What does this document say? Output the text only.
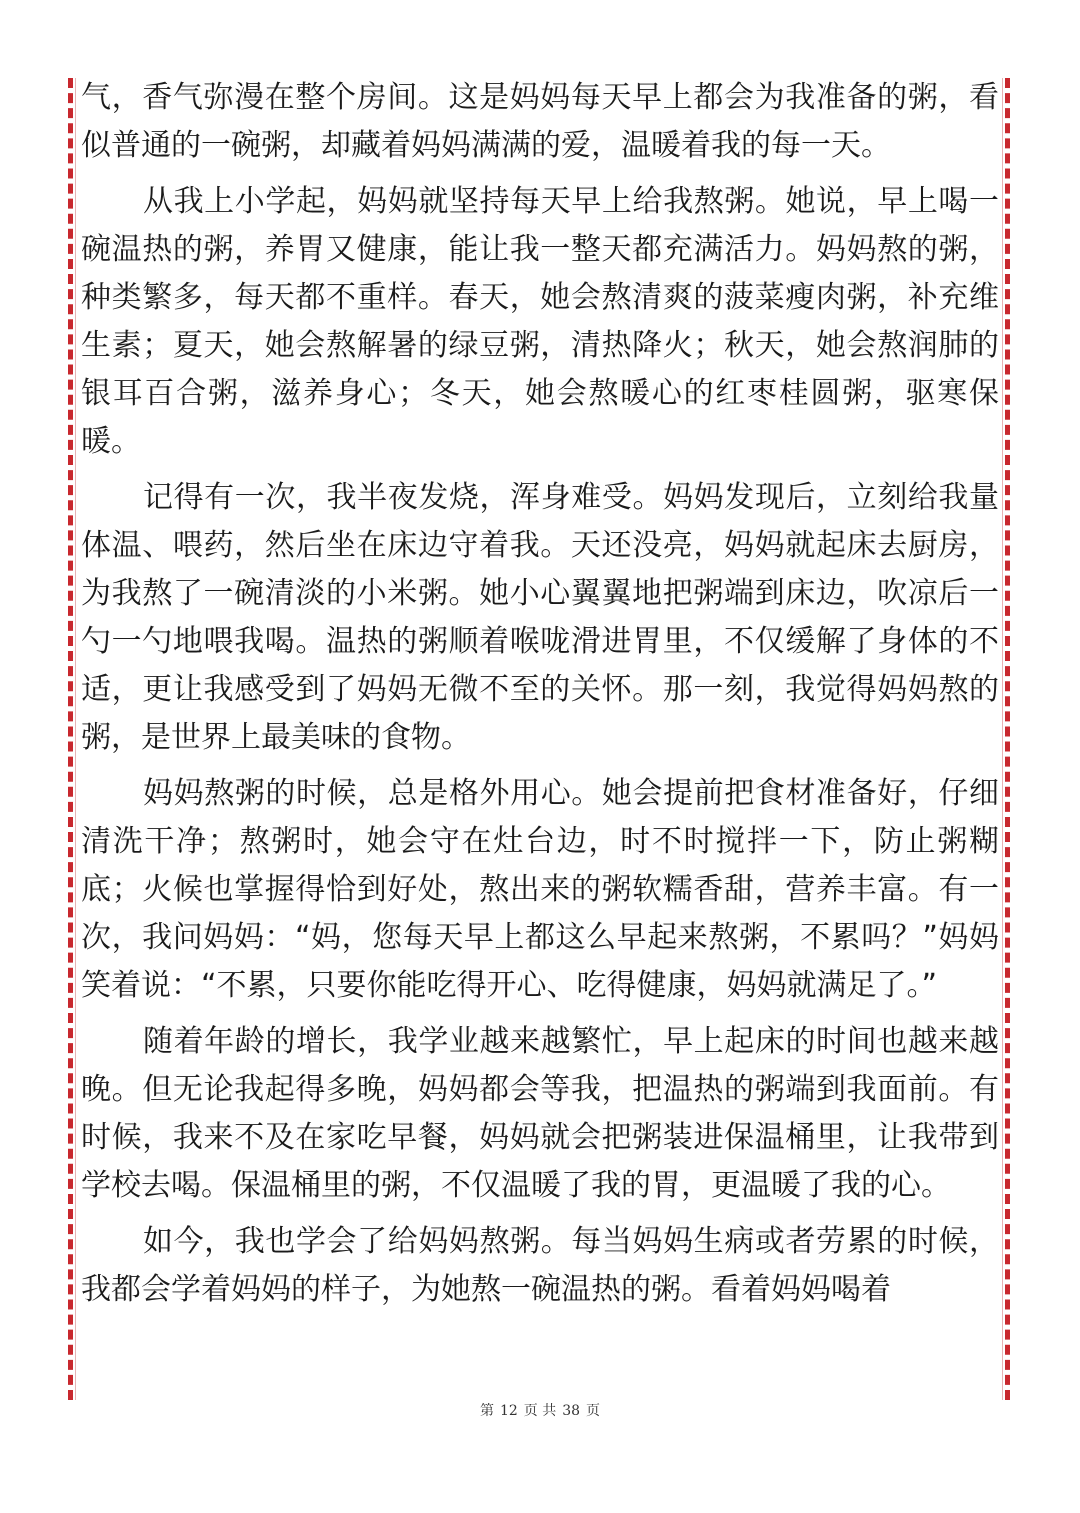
气，香气弥漫在整个房间。这是妈妈每天早上都会为我准备的粥，看似普通的一碗粥，却藏着妈妈满满的爱，温暖着我的每一天。

从我上小学起，妈妈就坚持每天早上给我熬粥。她说，早上喝一碗温热的粥，养胃又健康，能让我一整天都充满活力。妈妈熬的粥，种类繁多，每天都不重样。春天，她会熬清爽的菠菜瘦肉粥，补充维生素；夏天，她会熬解暑的绿豆粥，清热降火；秋天，她会熬润肺的银耳百合粥，滋养身心；冬天，她会熬暖心的红枣桂圆粥，驱寒保暖。

记得有一次，我半夜发烧，浑身难受。妈妈发现后，立刻给我量体温、喂药，然后坐在床边守着我。天还没亮，妈妈就起床去厨房，为我熬了一碗清淡的小米粥。她小心翼翼地把粥端到床边，吹凉后一勺一勺地喂我喝。温热的粥顺着喉咙滑进胃里，不仅缓解了身体的不适，更让我感受到了妈妈无微不至的关怀。那一刻，我觉得妈妈熬的粥，是世界上最美味的食物。

妈妈熬粥的时候，总是格外用心。她会提前把食材准备好，仔细清洗干净；熬粥时，她会守在灶台边，时不时搅拌一下，防止粥糊底；火候也掌握得恰到好处，熬出来的粥软糯香甜，营养丰富。有一次，我问妈妈：“妈，您每天早上都这么早起来熬粥，不累吗？”妈妈笑着说：“不累，只要你能吃得开心、吃得健康，妈妈就满足了。”

随着年龄的增长，我学业越来越繁忙，早上起床的时间也越来越晚。但无论我起得多晚，妈妈都会等我，把温热的粥端到我面前。有时候，我来不及在家吃早餐，妈妈就会把粥装进保温桶里，让我带到学校去喝。保温桶里的粥，不仅温暖了我的胃，更温暖了我的心。

如今，我也学会了给妈妈熬粥。每当妈妈生病或者劳累的时候，我都会学着妈妈的样子，为她熬一碗温热的粥。看着妈妈喝着

第 12 页 共 38 页
